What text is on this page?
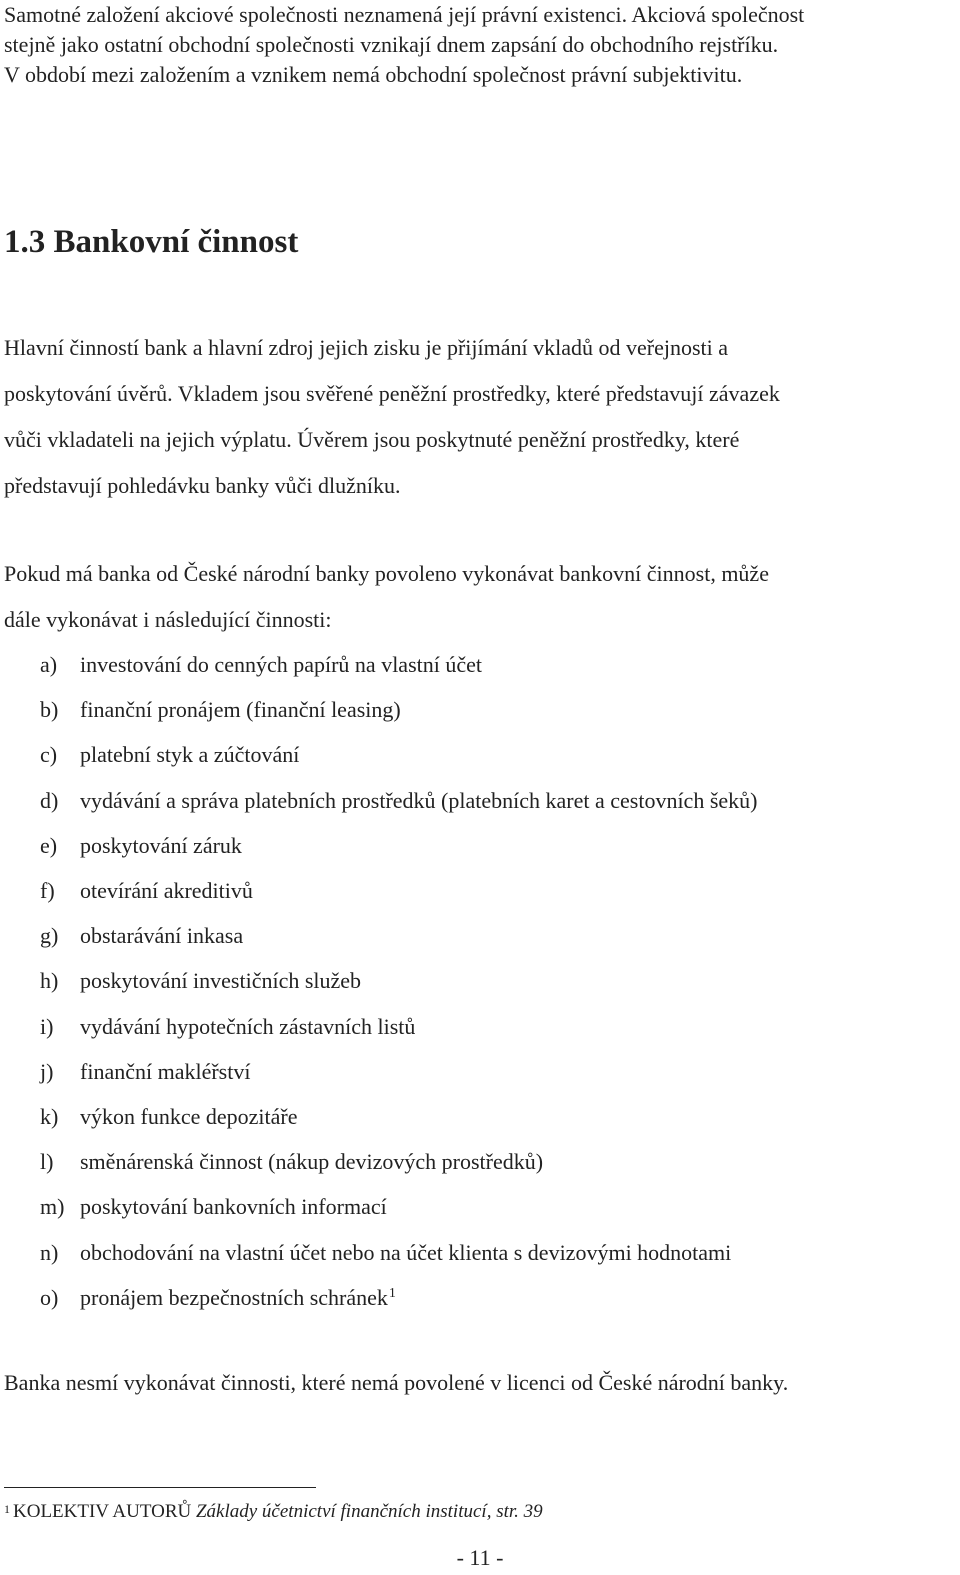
Samotné založení akciové společnosti neznamená její právní existenci. Akciová společnost
stejně jako ostatní obchodní společnosti vznikají dnem zapsání do obchodního rejstříku.
V období mezi založením a vznikem nemá obchodní společnost právní subjektivitu.

1.3 Bankovní činnost

Hlavní činností bank a hlavní zdroj jejich zisku je přijímání vkladů od veřejnosti a
poskytování úvěrů. Vkladem jsou svěřené peněžní prostředky, které představují závazek
vůči vkladateli na jejich výplatu. Úvěrem jsou poskytnuté peněžní prostředky, které
představují pohledávku banky vůči dlužníku.

Pokud má banka od České národní banky povoleno vykonávat bankovní činnost, může
dále vykonávat i následující činnosti:

a) investování do cenných papírů na vlastní účet
b) finanční pronájem (finanční leasing)
c) platební styk a zúčtování
d) vydávání a správa platebních prostředků (platebních karet a cestovních šeků)
e) poskytování záruk
f) otevírání akreditivů
g) obstarávání inkasa
h) poskytování investičních služeb
i) vydávání hypotečních zástavních listů
j) finanční makléřství
k) výkon funkce depozitáře
l) směnárenská činnost (nákup devizových prostředků)
m) poskytování bankovních informací
n) obchodování na vlastní účet nebo na účet klienta s devizovými hodnotami
o) pronájem bezpečnostních schránek$^1$

Banka nesmí vykonávat činnosti, které nemá povolené v licenci od České národní banky.

$^1$ KOLEKTIV AUTORŮ Základy účetnictví finančních institucí, str. 39
- 11 -
